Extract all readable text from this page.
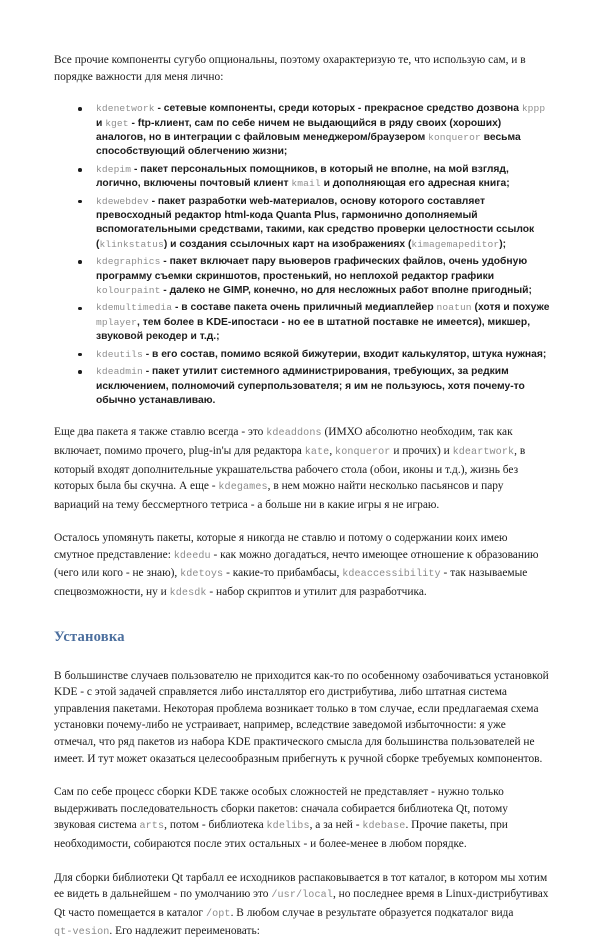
Все прочие компоненты сугубо опциональны, поэтому охарактеризую те, что использую сам, и в порядке важности для меня лично:

kdenetwork - сетевые компоненты, среди которых - прекрасное средство дозвона kppp и kget - ftp-клиент, сам по себе ничем не выдающийся в ряду своих (хороших) аналогов, но в интеграции с файловым менеджером/браузером konqueror весьма способствующий облегчению жизни;
kdepim - пакет персональных помощников, в который не вполне, на мой взгляд, логично, включены почтовый клиент kmail и дополняющая его адресная книга;
kdewebdev - пакет разработки web-материалов, основу которого составляет превосходный редактор html-кода Quanta Plus, гармонично дополняемый вспомогательными средствами, такими, как средство проверки целостности ссылок (klinkstatus) и создания ссылочных карт на изображениях (kimagemapeditor);
kdegraphics - пакет включает пару вьюверов графических файлов, очень удобную программу съемки скриншотов, простенький, но неплохой редактор графики kolourpaint - далеко не GIMP, конечно, но для несложных работ вполне пригодный;
kdemultimedia - в составе пакета очень приличный медиаплейер noatun (хотя и похуже mplayer, тем более в KDE-ипостаси - но ее в штатной поставке не имеется), микшер, звуковой рекодер и т.д.;
kdeutils - в его состав, помимо всякой бижутерии, входит калькулятор, штука нужная;
kdeadmin - пакет утилит системного администрирования, требующих, за редким исключением, полномочий суперпользователя; я им не пользуюсь, хотя почему-то обычно устанавливаю.

Еще два пакета я также ставлю всегда - это kdeaddons (ИМХО абсолютно необходим, так как включает, помимо прочего, plug-in'ы для редактора kate, konqueror и прочих) и kdeartwork, в который входят дополнительные украшательства рабочего стола (обои, иконы и т.д.), жизнь без которых была бы скучна. А еще - kdegames, в нем можно найти несколько пасьянсов и пару вариаций на тему бессмертного тетриса - а больше ни в какие игры я не играю.

Осталось упомянуть пакеты, которые я никогда не ставлю и потому о содержании коих имею смутное представление: kdeedu - как можно догадаться, нечто имеющее отношение к образованию (чего или кого - не знаю), kdetoys - какие-то прибамбасы, kdeaccessibility - так называемые спецвозможности, ну и kdesdk - набор скриптов и утилит для разработчика.

Установка

В большинстве случаев пользователю не приходится как-то по особенному озабочиваться установкой KDE - с этой задачей справляется либо инсталлятор его дистрибутива, либо штатная система управления пакетами. Некоторая проблема возникает только в том случае, если предлагаемая схема установки почему-либо не устраивает, например, вследствие заведомой избыточности: я уже отмечал, что ряд пакетов из набора KDE практического смысла для большинства пользователей не имеет. И тут может оказаться целесообразным прибегнуть к ручной сборке требуемых компонентов.

Сам по себе процесс сборки KDE также особых сложностей не представляет - нужно только выдерживать последовательность сборки пакетов: сначала собирается библиотека Qt, потому звуковая система arts, потом - библиотека kdelibs, а за ней - kdebase. Прочие пакеты, при необходимости, собираются после этих остальных - и более-менее в любом порядке.

Для сборки библиотеки Qt тарбалл ее исходников распаковывается в тот каталог, в котором мы хотим ее видеть в дальнейшем - по умолчанию это /usr/local, но последнее время в Linux-дистрибутивах Qt часто помещается в каталог /opt. В любом случае в результате образуется подкаталог вида qt-vesion. Его надлежит переименовать:
